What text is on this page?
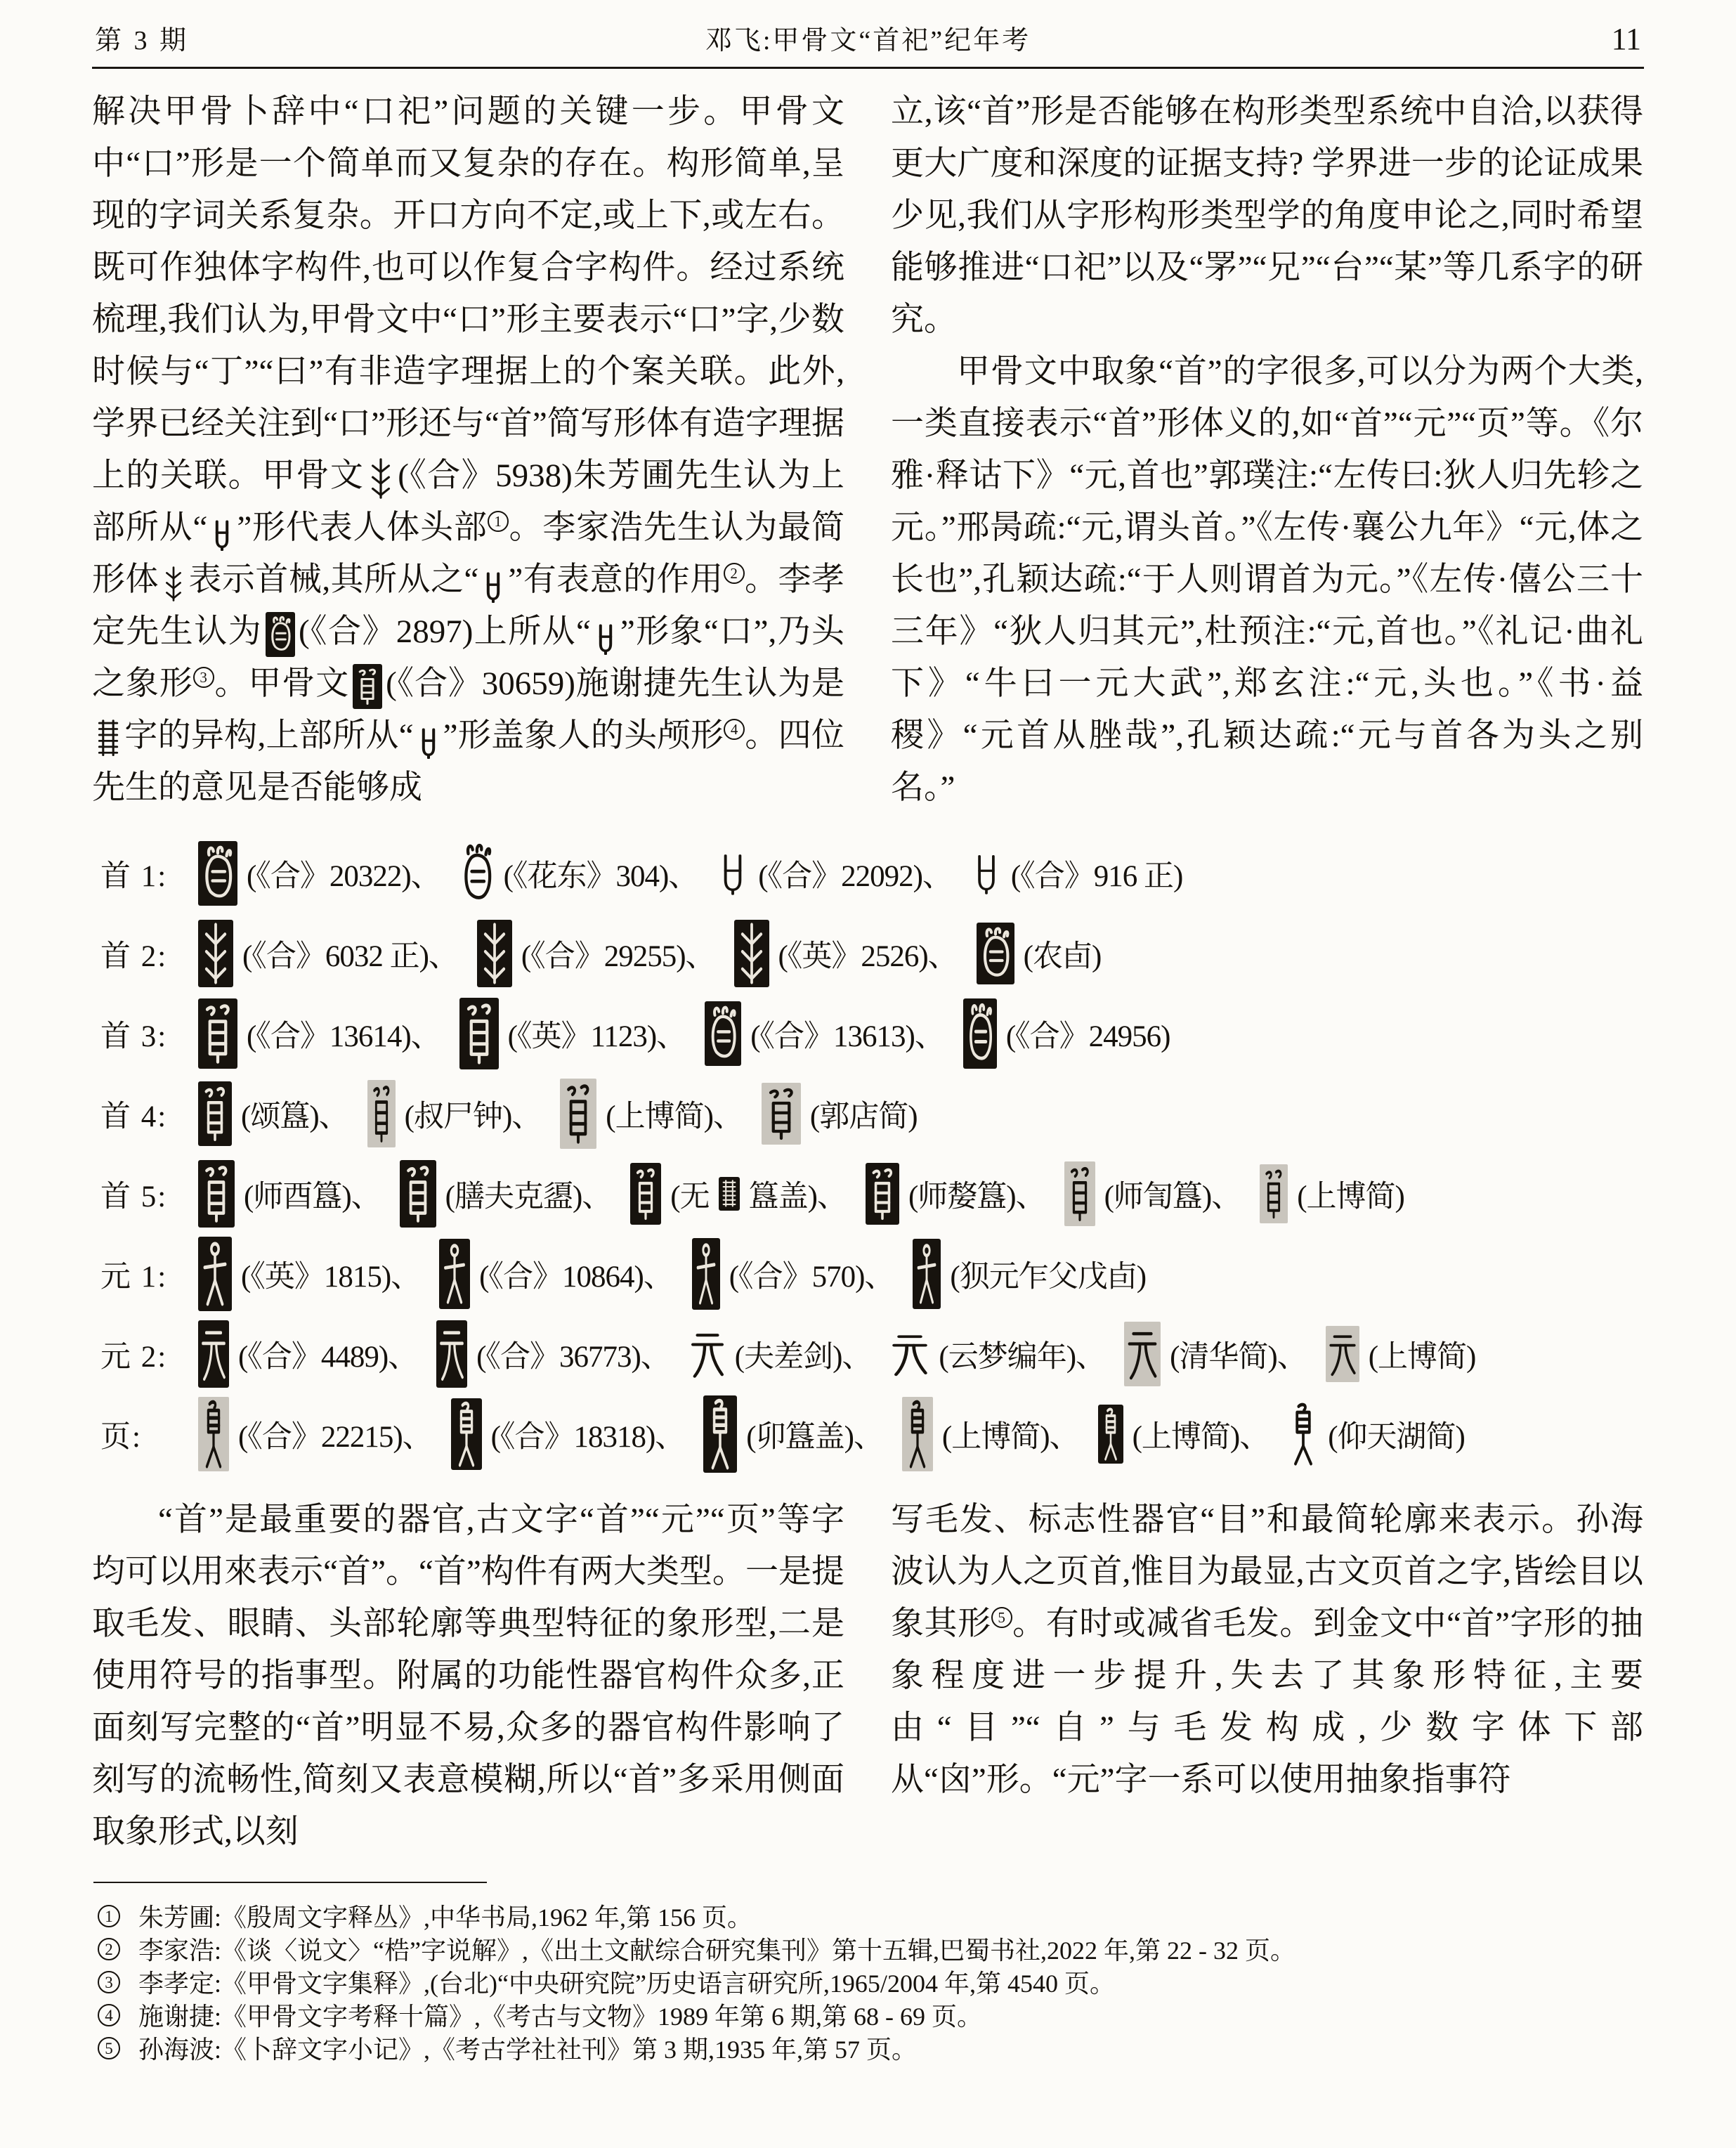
第 3 期	邓飞:甲骨文“首祀”纪年考	11

解决甲骨卜辞中“口祀”问题的关键一步。甲骨文中“口”形是一个简单而又复杂的存在。构形简单,呈现的字词关系复杂。开口方向不定,或上下,或左右。既可作独体字构件,也可以作复合字构件。经过系统梳理,我们认为,甲骨文中“口”形主要表示“口”字,少数时候与“丁”“曰”有非造字理据上的个案关联。此外,学界已经关注到“口”形还与“首”简写形体有造字理据上的关联。甲骨文 (《合》5938)朱芳圃先生认为上部所从“ ”形代表人体头部 $^1$ 。李家浩先生认为最简形体 表示首械,其所从之“ ”有表意的作用 $^2$ 。李孝定先生认为 (《合》2897)上所从“ ”形象“口”,乃头之象形 $^3$ 。甲骨文 (《合》30659)施谢捷先生认为是字的异构,上部所从“ ”形盖象人的头颅形 $^4$ 。四位先生的意见是否能够成

立,该“首”形是否能够在构形类型系统中自洽,以获得更大广度和深度的证据支持? 学界进一步的论证成果少见,我们从字形构形类型学的角度申论之,同时希望能够推进“口祀”以及“罞”“兄”“台”“某”等几系字的研究。

甲骨文中取象“首”的字很多,可以分为两个大类,一类直接表示“首”形体义的,如“首”“元”“页”等。《尔雅·释诂下》“元,首也”郭璞注:“左传曰:狄人归先轸之元。”邢昺疏:“元,谓头首。”《左传·襄公九年》“元,体之长也”,孔颖达疏:“于人则谓首为元。”《左传·僖公三十三年》“狄人归其元”,杜预注:“元,首也。”《礼记·曲礼下》“牛曰一元大武”,郑玄注:“元,头也。”《书·益稷》“元首从脞哉”,孔颖达疏:“元与首各为头之别名。”

首 1:	(《合》20322)、 (《花东》304)、 (《合》22092)、 (《合》916 正)
首 2:	(《合》6032 正)、 (《合》29255)、 (《英》2526)、 (农卣)
首 3:	(《合》13614)、 (《英》1123)、 (《合》13613)、 (《合》24956)
首 4:	(颂簋)、 (叔尸钟)、 (上博简)、 (郭店简)
首 5:	(师酉簋)、 (膳夫克盨)、 (无 簋盖)、 (师嫠簋)、 (师訇簋)、 (上博简)
元 1:	(《英》1815)、 (《合》10864)、 (《合》570)、 (狈元乍父戊卣)
元 2:	(《合》4489)、 (《合》36773)、 (夫差剑)、 (云梦编年)、 (清华简)、 (上博简)
页:	(《合》22215)、 (《合》18318)、 (卯簋盖)、 (上博简)、 (上博简)、 (仰天湖简)

“首”是最重要的器官,古文字“首”“元”“页”等字均可以用來表示“首”。“首”构件有两大类型。一是提取毛发、眼睛、头部轮廓等典型特征的象形型,二是使用符号的指事型。附属的功能性器官构件众多,正面刻写完整的“首”明显不易,众多的器官构件影响了刻写的流畅性,简刻又表意模糊,所以“首”多采用侧面取象形式,以刻

写毛发、标志性器官“目”和最简轮廓来表示。孙海波认为人之页首,惟目为最显,古文页首之字,皆绘目以象其形 $^5$ 。有时或减省毛发。到金文中“首”字形的抽象程度进一步提升,失去了其象形特征,主要由“目”“自”与毛发构成,少数字体下部从“囟”形。“元”字一系可以使用抽象指事符

1 朱芳圃:《殷周文字释丛》,中华书局,1962 年,第 156 页。
2 李家浩:《谈〈说文〉“梏”字说解》,《出土文献综合研究集刊》第十五辑,巴蜀书社,2022 年,第 22 - 32 页。
3 李孝定:《甲骨文字集释》,(台北)“中央研究院”历史语言研究所,1965/2004 年,第 4540 页。
4 施谢捷:《甲骨文字考释十篇》,《考古与文物》1989 年第 6 期,第 68 - 69 页。
5 孙海波:《卜辞文字小记》,《考古学社社刊》第 3 期,1935 年,第 57 页。
